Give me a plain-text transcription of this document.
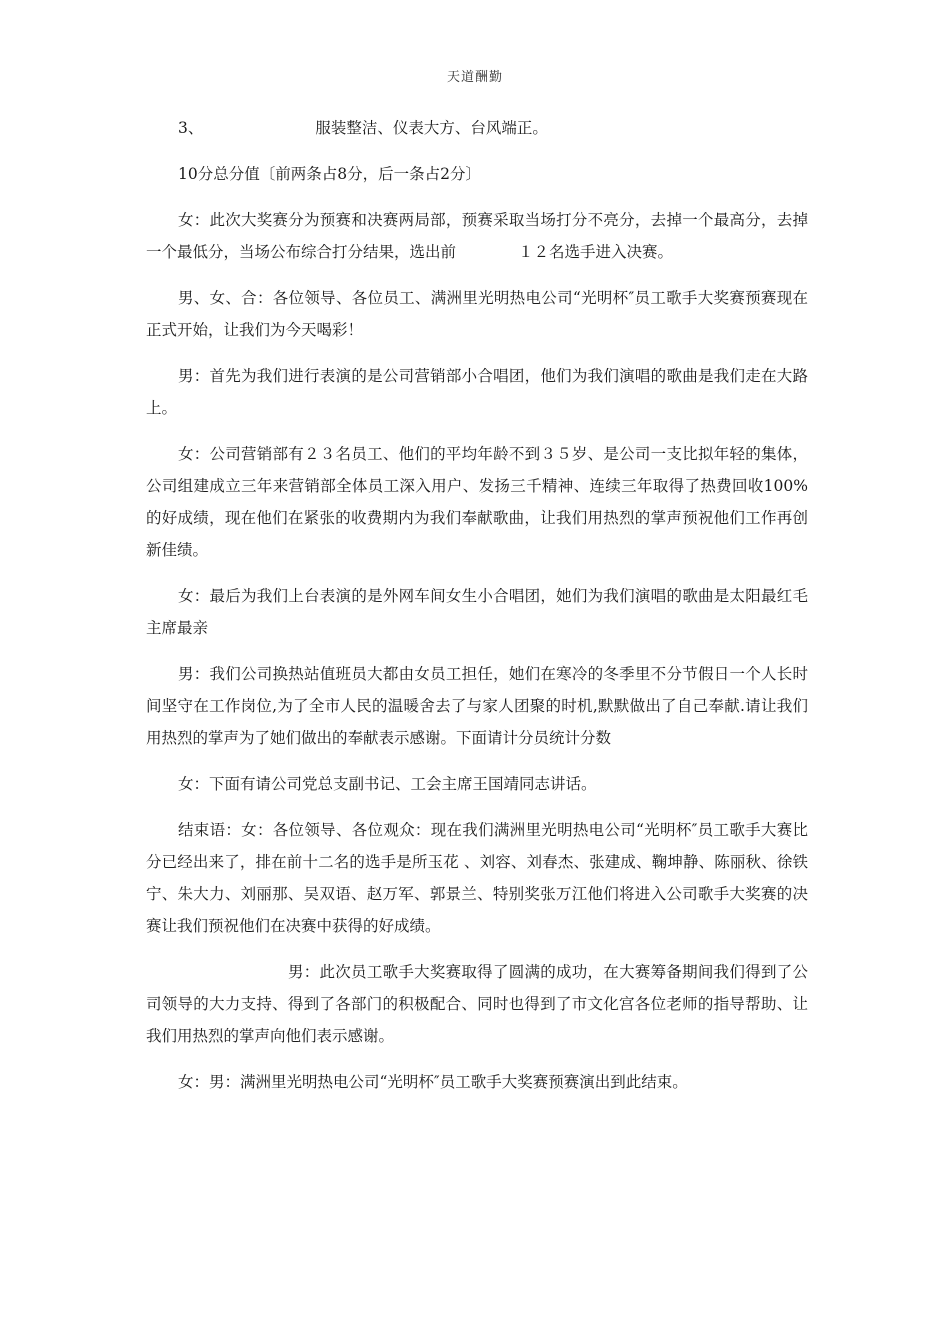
天道酬勤

3、	服装整洁、仪表大方、台风端正。

10分总分值〔前两条占8分，后一条占2分〕

女：此次大奖赛分为预赛和决赛两局部，预赛采取当场打分不亮分，去掉一个最高分，去掉一个最低分，当场公布综合打分结果，选出前	１２名选手进入决赛。

男、女、合：各位领导、各位员工、满洲里光明热电公司“光明杯″员工歌手大奖赛预赛现在正式开始，让我们为今天喝彩！

男：首先为我们进行表演的是公司营销部小合唱团，他们为我们演唱的歌曲是我们走在大路上。

女：公司营销部有２３名员工、他们的平均年龄不到３５岁、是公司一支比拟年轻的集体，公司组建成立三年来营销部全体员工深入用户、发扬三千精神、连续三年取得了热费回收100%的好成绩，现在他们在紧张的收费期内为我们奉献歌曲，让我们用热烈的掌声预祝他们工作再创新佳绩。

女：最后为我们上台表演的是外网车间女生小合唱团，她们为我们演唱的歌曲是太阳最红毛主席最亲

男：我们公司换热站值班员大都由女员工担任，她们在寒冷的冬季里不分节假日一个人长时间坚守在工作岗位,为了全市人民的温暖舍去了与家人团聚的时机,默默做出了自己奉献.请让我们用热烈的掌声为了她们做出的奉献表示感谢。下面请计分员统计分数

女：下面有请公司党总支副书记、工会主席王国靖同志讲话。

结束语：女：各位领导、各位观众：现在我们满洲里光明热电公司“光明杯″员工歌手大赛比分已经出来了，排在前十二名的选手是所玉花 、刘容、刘春杰、张建成、鞠坤静、陈丽秋、徐铁宁、朱大力、刘丽那、吴双语、赵万军、郭景兰、特别奖张万江他们将进入公司歌手大奖赛的决赛让我们预祝他们在决赛中获得的好成绩。

男：此次员工歌手大奖赛取得了圆满的成功，在大赛筹备期间我们得到了公司领导的大力支持、得到了各部门的积极配合、同时也得到了市文化宫各位老师的指导帮助、让我们用热烈的掌声向他们表示感谢。

女：男：满洲里光明热电公司“光明杯″员工歌手大奖赛预赛演出到此结束。
